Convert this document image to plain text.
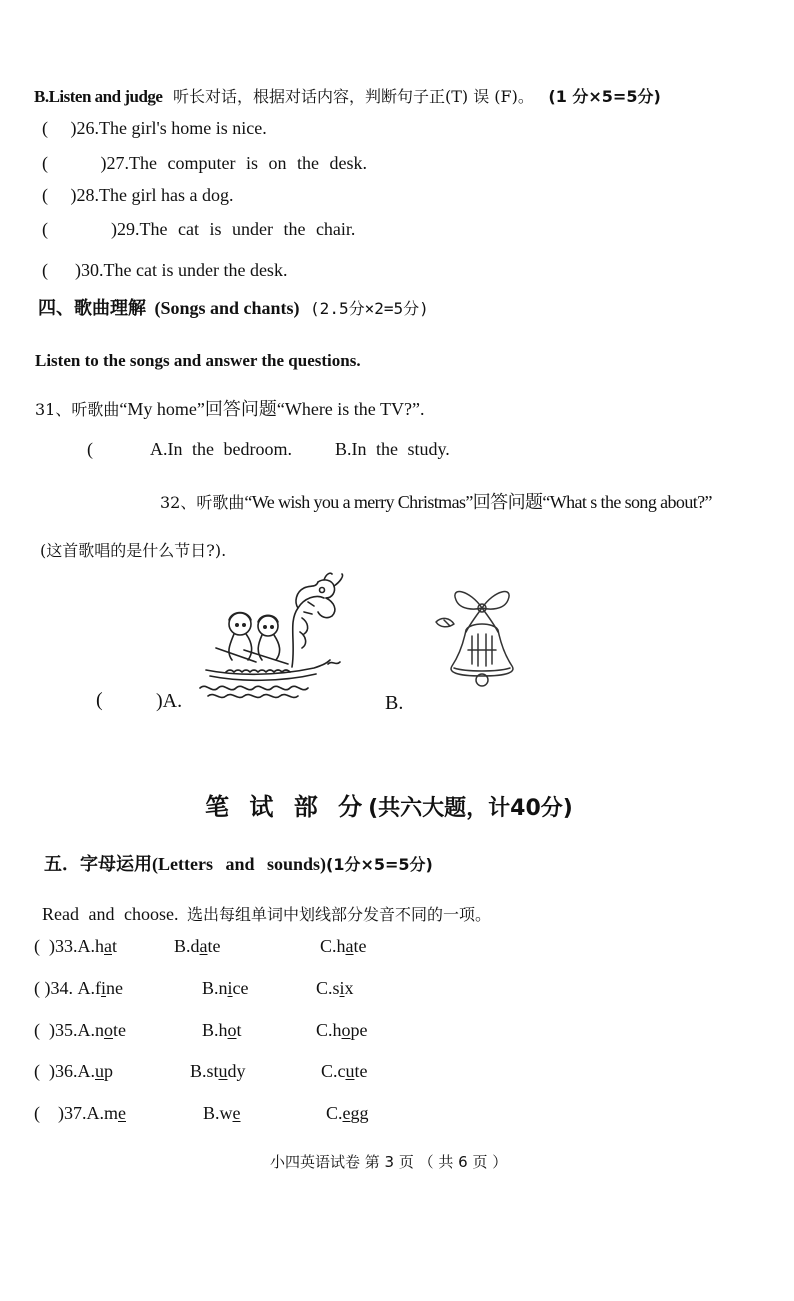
B.Listen and judge 听长对话，根据对话内容，判断句子正(T) 误 (F)。 (1 分×5=5分)
(     )26.The girl's home is nice.
(     )27.The computer is on the desk.
(     )28.The girl has a dog.
(      )29.The cat is under the chair.
(      )30.The cat is under the desk.
四、歌曲理解 (Songs and chants) (2.5分×2=5分)
Listen to the songs and answer the questions.
31、听歌曲“My home”回答问题“Where is the TV?”.
(      A.In the bedroom. B.In the study.
32、听歌曲“We wish you a merry Christmas”回答问题“What s the song about?”
(这首歌唱的是什么节日?).
(	)A.	B.
笔 试 部 分(共六大题，计40分)
五．字母运用(Letters and sounds)(1分×5=5分)
Read and choose. 选出每组单词中划线部分发音不同的一项。
(  )33.A.hat	B.date	C.hate
( )34. A.fine	B.nice	C.six
(  )35.A.note	B.hot	C.hope
(  )36.A.up	B.study	C.cute
(    )37.A.me	B.we	C.egg
小四英语试卷 第 3 页 （ 共 6 页 ）
